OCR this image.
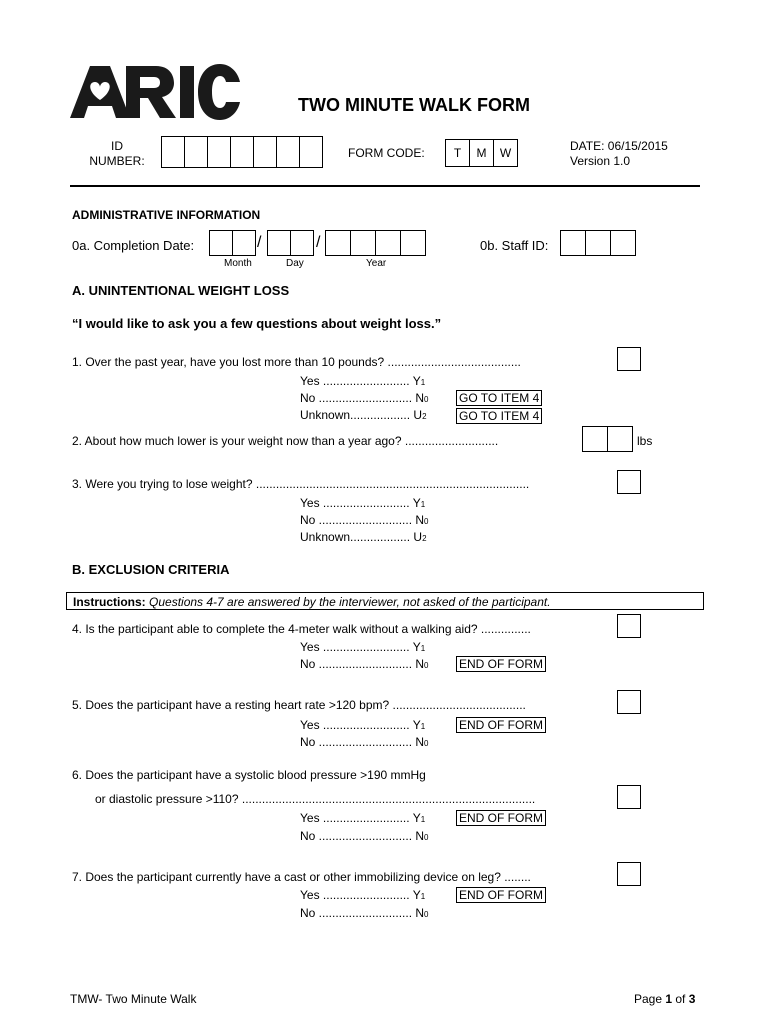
TWO MINUTE WALK FORM
ID
NUMBER:
FORM CODE:	T	M	W	DATE: 06/15/2015
Version 1.0
ADMINISTRATIVE INFORMATION
0a. Completion Date:	/	/
Month	Day	Year
0b. Staff ID:
A. UNINTENTIONAL WEIGHT LOSS
“I would like to ask you a few questions about weight loss.”
1. Over the past year, have you lost more than 10 pounds? ........................................
Yes .......................... Y1
No ............................ N0	GO TO ITEM 4
Unknown.................. U2	GO TO ITEM 4
2. About how much lower is your weight now than a year ago? ............................	lbs
3. Were you trying to lose weight? ..................................................................................
Yes .......................... Y1
No ............................ N0
Unknown.................. U2
B. EXCLUSION CRITERIA
Instructions: Questions 4-7 are answered by the interviewer, not asked of the participant.
4. Is the participant able to complete the 4-meter walk without a walking aid? ...............
Yes .......................... Y1
No ............................ N0	END OF FORM
5. Does the participant have a resting heart rate >120 bpm? ........................................
Yes .......................... Y1	END OF FORM
No ............................ N0
6. Does the participant have a systolic blood pressure >190 mmHg
or diastolic pressure >110? ........................................................................................
Yes .......................... Y1	END OF FORM
No ............................ N0
7. Does the participant currently have a cast or other immobilizing device on leg? ........
Yes .......................... Y1	END OF FORM
No ............................ N0
TMW- Two Minute Walk	Page 1 of 3
